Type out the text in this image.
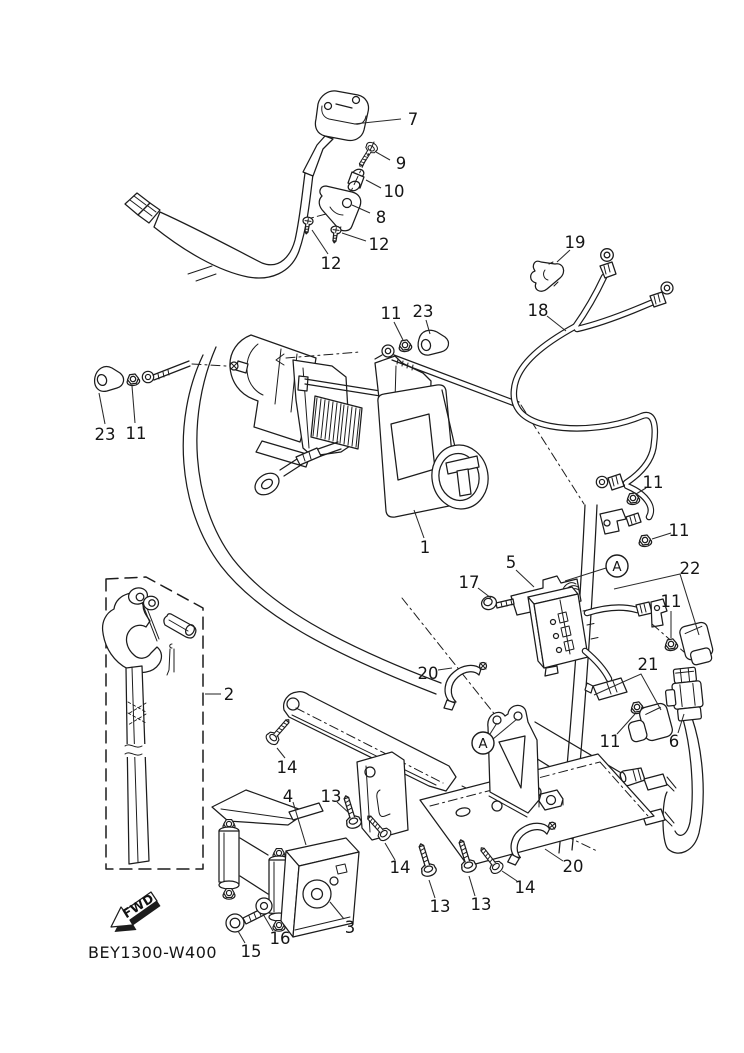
FWD
BEY1300-W400
A
A
7
9
10
8
12
12
23 11
11 23
19
18
1
11
11
5
17
22
11
21
11	6
2
20
14
4 13
14
13 13
14
20
3
16
15
